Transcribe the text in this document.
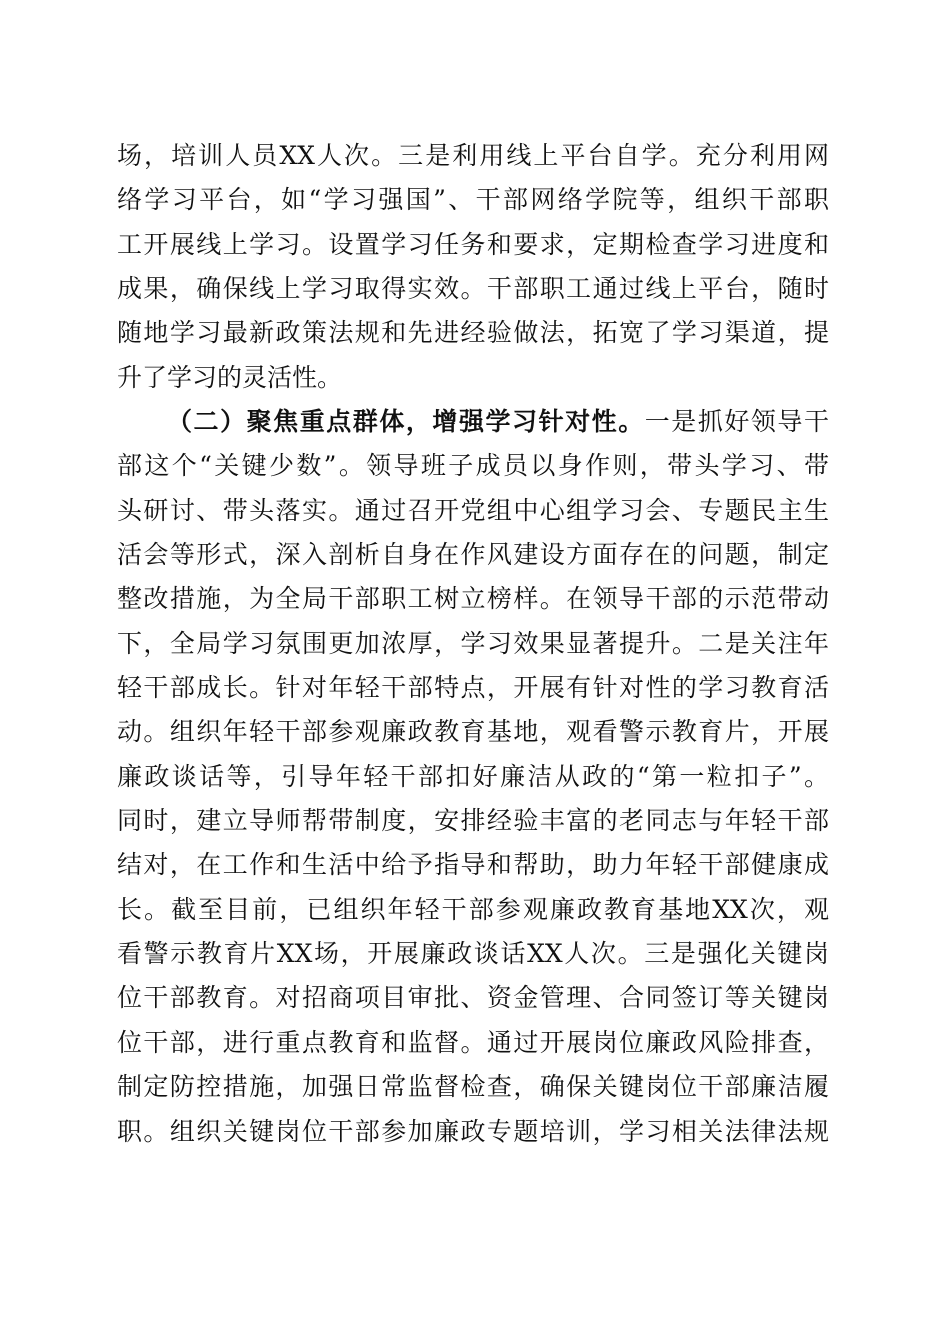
场，培训人员XX人次。三是利用线上平台自学。充分利用网
络学习平台，如“学习强国”、干部网络学院等，组织干部职
工开展线上学习。设置学习任务和要求，定期检查学习进度和
成果，确保线上学习取得实效。干部职工通过线上平台，随时
随地学习最新政策法规和先进经验做法，拓宽了学习渠道，提
升了学习的灵活性。
（二）聚焦重点群体，增强学习针对性。一是抓好领导干
部这个“关键少数”。领导班子成员以身作则，带头学习、带
头研讨、带头落实。通过召开党组中心组学习会、专题民主生
活会等形式，深入剖析自身在作风建设方面存在的问题，制定
整改措施，为全局干部职工树立榜样。在领导干部的示范带动
下，全局学习氛围更加浓厚，学习效果显著提升。二是关注年
轻干部成长。针对年轻干部特点，开展有针对性的学习教育活
动。组织年轻干部参观廉政教育基地，观看警示教育片，开展
廉政谈话等，引导年轻干部扣好廉洁从政的“第一粒扣子”。
同时，建立导师帮带制度，安排经验丰富的老同志与年轻干部
结对，在工作和生活中给予指导和帮助，助力年轻干部健康成
长。截至目前，已组织年轻干部参观廉政教育基地XX次，观
看警示教育片XX场，开展廉政谈话XX人次。三是强化关键岗
位干部教育。对招商项目审批、资金管理、合同签订等关键岗
位干部，进行重点教育和监督。通过开展岗位廉政风险排查，
制定防控措施，加强日常监督检查，确保关键岗位干部廉洁履
职。组织关键岗位干部参加廉政专题培训，学习相关法律法规
